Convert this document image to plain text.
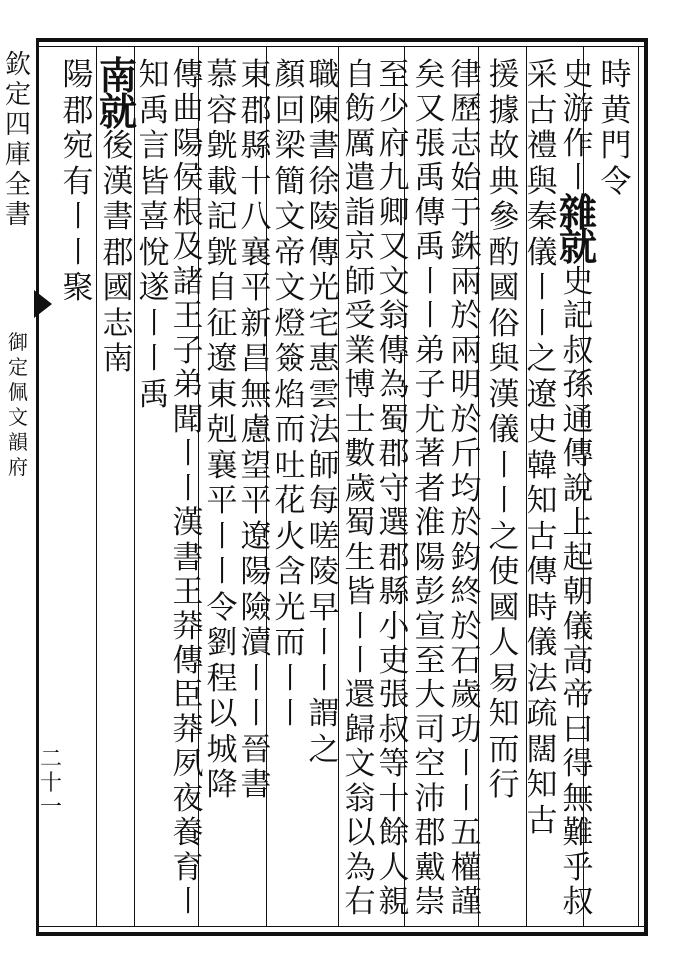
欽
定
四
庫
全
書
御
定
佩
文
韻
府
二
十
一
時
黄
門
令
史
游
作
〡
雜
就
史
記
叔
孫
通
傳
說
上
起
朝
儀
高
帝
曰
得
無
難
乎
叔
采
古
禮
與
秦
儀
〡
〡
之
遼
史
韓
知
古
傳
時
儀
法
疏
闊
知
古
援
據
故
典
參
酌
國
俗
與
漢
儀
〡
〡
之
使
國
人
易
知
而
行
律
歷
志
始
于
銖
兩
於
兩
明
於
斤
均
於
鈞
終
於
石
歲
功
〡
〡
五
權
謹
矣
又
張
禹
傳
禹
〡
〡
弟
子
尤
著
者
淮
陽
彭
宣
至
大
司
空
沛
郡
戴
崇
至
少
府
九
卿
又
文
翁
傳
為
蜀
郡
守
選
郡
縣
小
吏
張
叔
等
十
餘
人
親
自
飭
厲
遣
詣
京
師
受
業
博
士
數
歲
蜀
生
皆
〡
〡
還
歸
文
翁
以
為
右
職
陳
書
徐
陵
傳
光
宅
惠
雲
法
師
每
嗟
陵
早
〡
〡
謂
之
顏
回
梁
簡
文
帝
文
燈
簽
焰
而
吐
花
火
含
光
而
〡
〡
東
郡
縣
十
八
襄
平
新
昌
無
慮
望
平
遼
陽
險
瀆
〡
〡
晉
書
慕
容
皝
載
記
皝
自
征
遼
東
剋
襄
平
〡
〡
令
劉
程
以
城
降
傳
曲
陽
侯
根
及
諸
王
子
弟
聞
〡
〡
漢
書
王
莽
傳
臣
莽
夙
夜
養
育
〡
知
禹
言
皆
喜
悅
遂
〡
〡
禹
南
就
後
漢
書
郡
國
志
南
陽
郡
宛
有
〡
〡
聚
